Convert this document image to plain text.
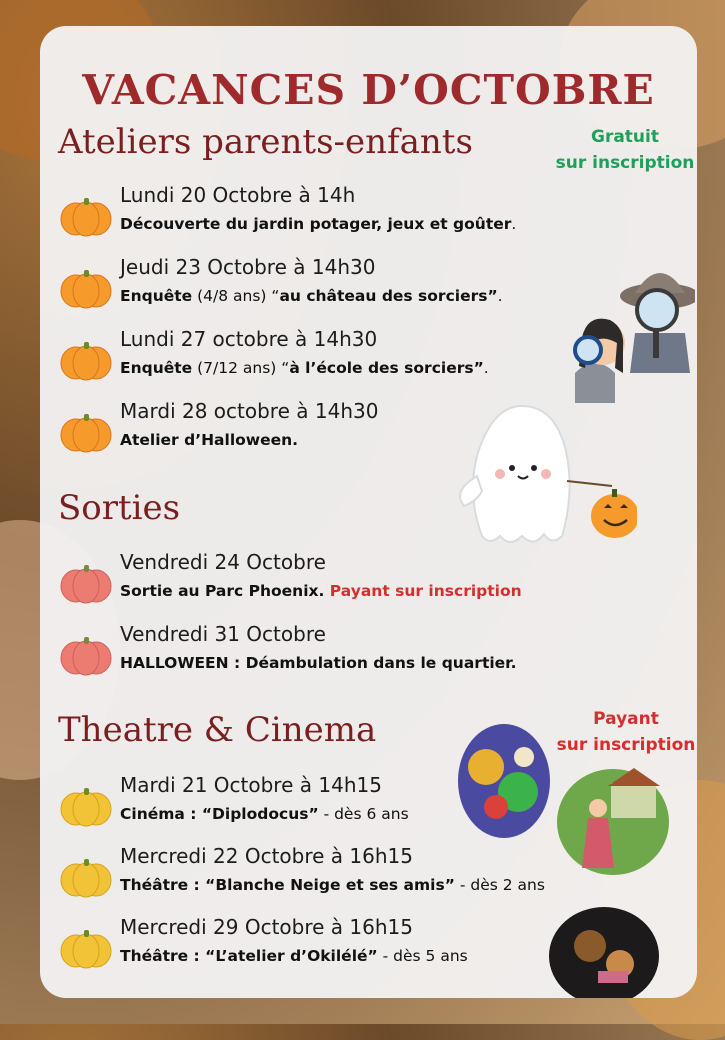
VACANCES D’OCTOBRE
Ateliers parents-enfants	Gratuit
sur inscription
Lundi 20 Octobre à 14h
Découverte du jardin potager, jeux et goûter.
Jeudi 23 Octobre à 14h30
Enquête (4/8 ans) “au château des sorciers”.
Lundi 27 octobre à 14h30
Enquête (7/12 ans) “à l’école des sorciers”.
Mardi 28 octobre à 14h30
Atelier d’Halloween.
Sorties
Vendredi 24 Octobre
Sortie au Parc Phoenix. Payant sur inscription
Vendredi 31 Octobre
HALLOWEEN : Déambulation dans le quartier.
Theatre & Cinema	Payant
sur inscription
Mardi 21 Octobre à 14h15
Cinéma : “Diplodocus” - dès 6 ans
Mercredi 22 Octobre à 16h15
Théâtre : “Blanche Neige et ses amis” - dès 2 ans
Mercredi 29 Octobre à 16h15
Théâtre : “L’atelier d’Okilélé” - dès 5 ans
